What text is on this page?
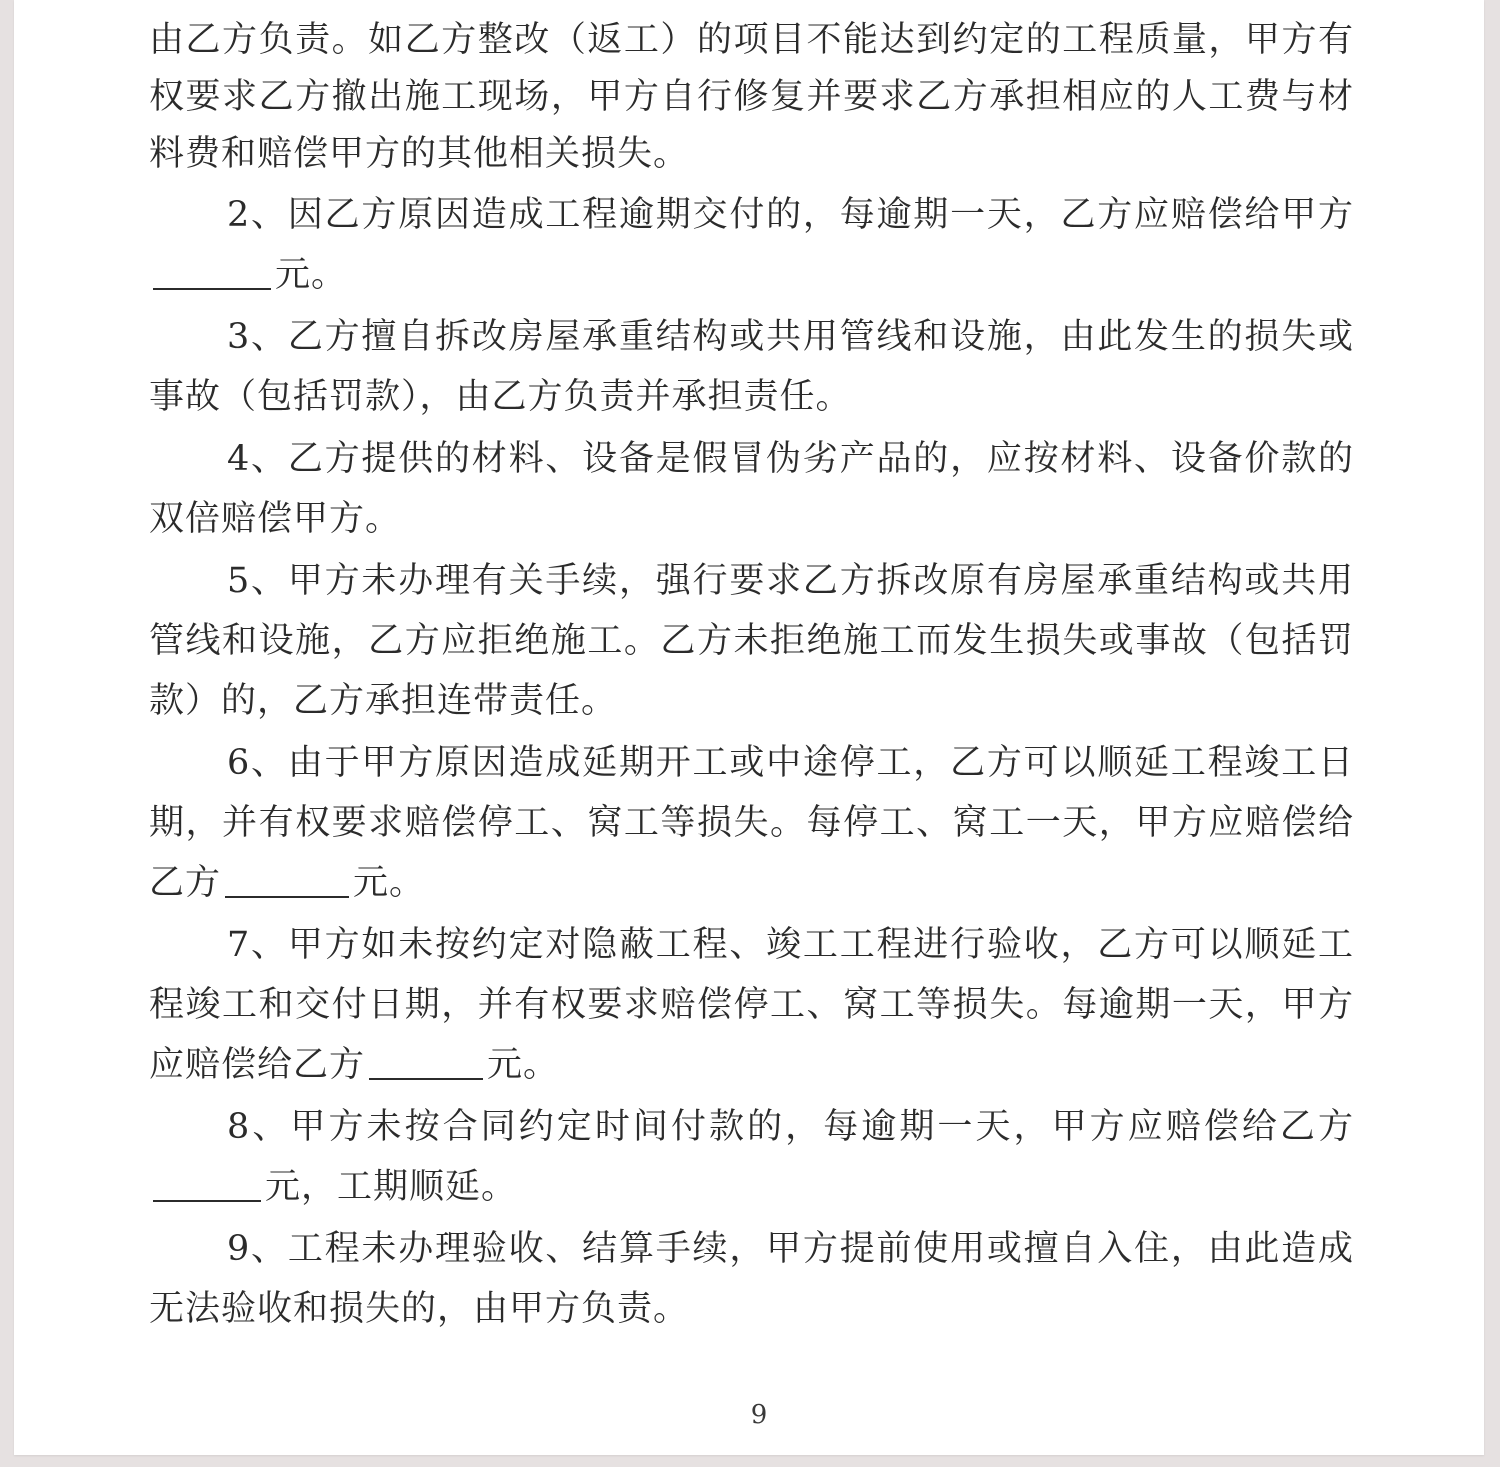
由乙方负责。如乙方整改（返工）的项目不能达到约定的工程质量，甲方有权要求乙方撤出施工现场，甲方自行修复并要求乙方承担相应的人工费与材料费和赔偿甲方的其他相关损失。

2、因乙方原因造成工程逾期交付的，每逾期一天，乙方应赔偿给甲方元。

3、乙方擅自拆改房屋承重结构或共用管线和设施，由此发生的损失或事故（包括罚款），由乙方负责并承担责任。

4、乙方提供的材料、设备是假冒伪劣产品的，应按材料、设备价款的双倍赔偿甲方。

5、甲方未办理有关手续，强行要求乙方拆改原有房屋承重结构或共用管线和设施，乙方应拒绝施工。乙方未拒绝施工而发生损失或事故（包括罚款）的，乙方承担连带责任。

6、由于甲方原因造成延期开工或中途停工，乙方可以顺延工程竣工日期，并有权要求赔偿停工、窝工等损失。每停工、窝工一天，甲方应赔偿给乙方	元。

7、甲方如未按约定对隐蔽工程、竣工工程进行验收，乙方可以顺延工程竣工和交付日期，并有权要求赔偿停工、窝工等损失。每逾期一天，甲方应赔偿给乙方	元。

8、甲方未按合同约定时间付款的，每逾期一天，甲方应赔偿给乙方元，工期顺延。

9、工程未办理验收、结算手续，甲方提前使用或擅自入住，由此造成无法验收和损失的，由甲方负责。

9
